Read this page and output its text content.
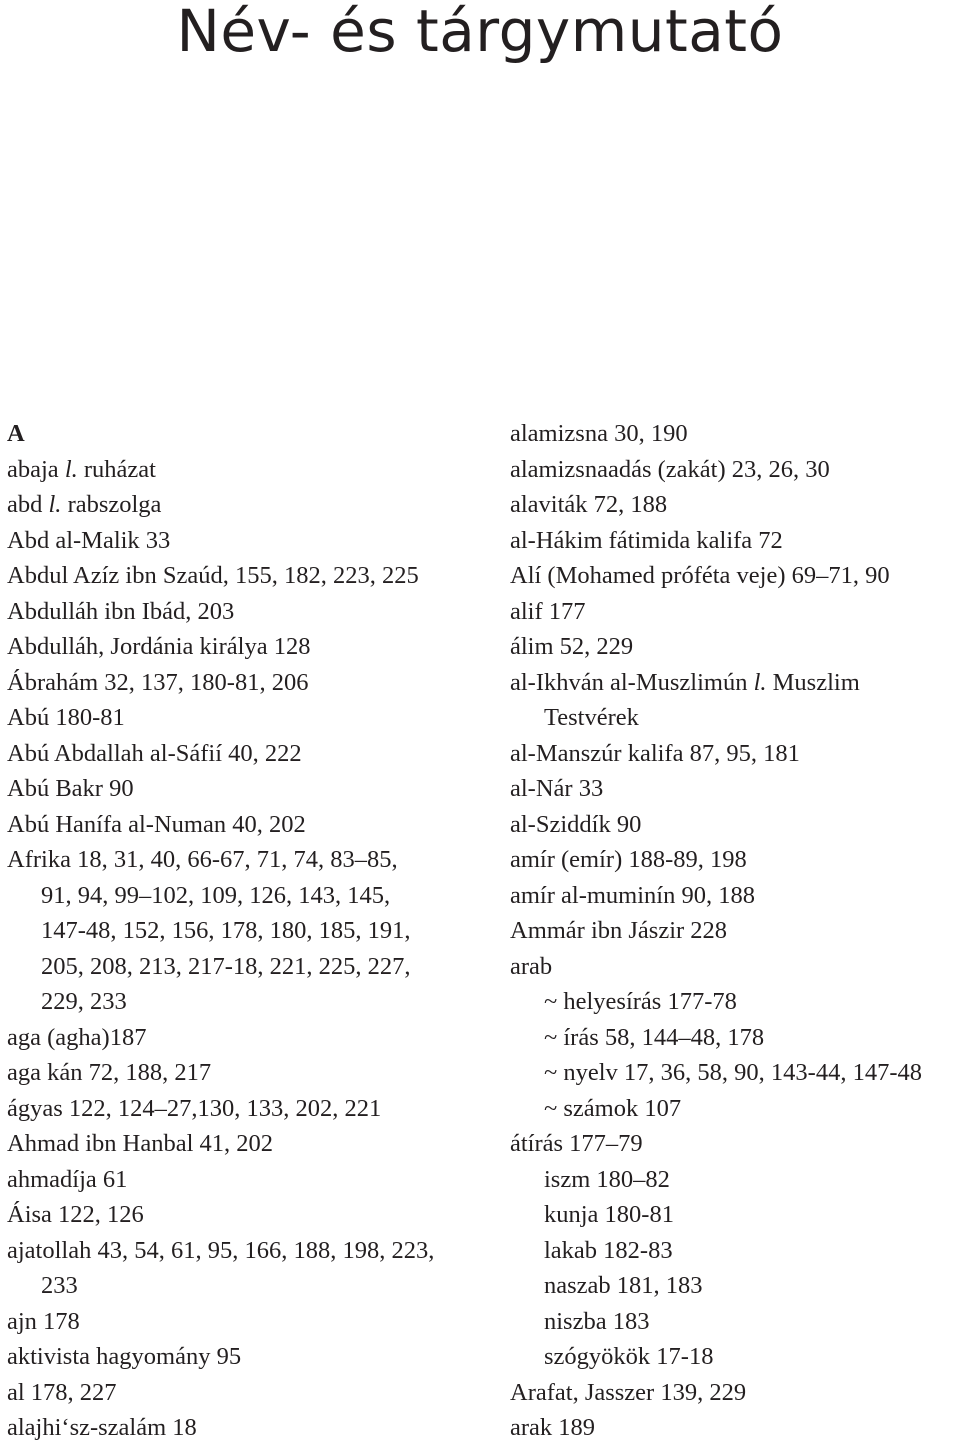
Név- és tárgymutató
A
abaja l. ruházat
abd l. rabszolga
Abd al-Malik 33
Abdul Azíz ibn Szaúd, 155, 182, 223, 225
Abdulláh ibn Ibád, 203
Abdulláh, Jordánia királya 128
Ábrahám 32, 137, 180-81, 206
Abú 180-81
Abú Abdallah al-Sáfií 40, 222
Abú Bakr 90
Abú Hanífa al-Numan 40, 202
Afrika 18, 31, 40, 66-67, 71, 74, 83–85,
91, 94, 99–102, 109, 126, 143, 145,
147-48, 152, 156, 178, 180, 185, 191,
205, 208, 213, 217-18, 221, 225, 227,
229, 233
aga (agha)187
aga kán 72, 188, 217
ágyas 122, 124–27,130, 133, 202, 221
Ahmad ibn Hanbal 41, 202
ahmadíja 61
Áisa 122, 126
ajatollah 43, 54, 61, 95, 166, 188, 198, 223,
233
ajn 178
aktivista hagyomány 95
al 178, 227
alajhi‘sz-szalám 18
alamizsna 30, 190
alamizsnaadás (zakát) 23, 26, 30
alaviták 72, 188
al-Hákim fátimida kalifa 72
Alí (Mohamed próféta veje) 69–71, 90
alif 177
álim 52, 229
al-Ikhván al-Muszlimún l. Muszlim
Testvérek
al-Manszúr kalifa 87, 95, 181
al-Nár 33
al-Sziddík 90
amír (emír) 188-89, 198
amír al-muminín 90, 188
Ammár ibn Jászir 228
arab
~ helyesírás 177-78
~ írás 58, 144–48, 178
~ nyelv 17, 36, 58, 90, 143-44, 147-48
~ számok 107
átírás 177–79
iszm 180–82
kunja 180-81
lakab 182-83
naszab 181, 183
niszba 183
szógyökök 17-18
Arafat, Jasszer 139, 229
arak 189
